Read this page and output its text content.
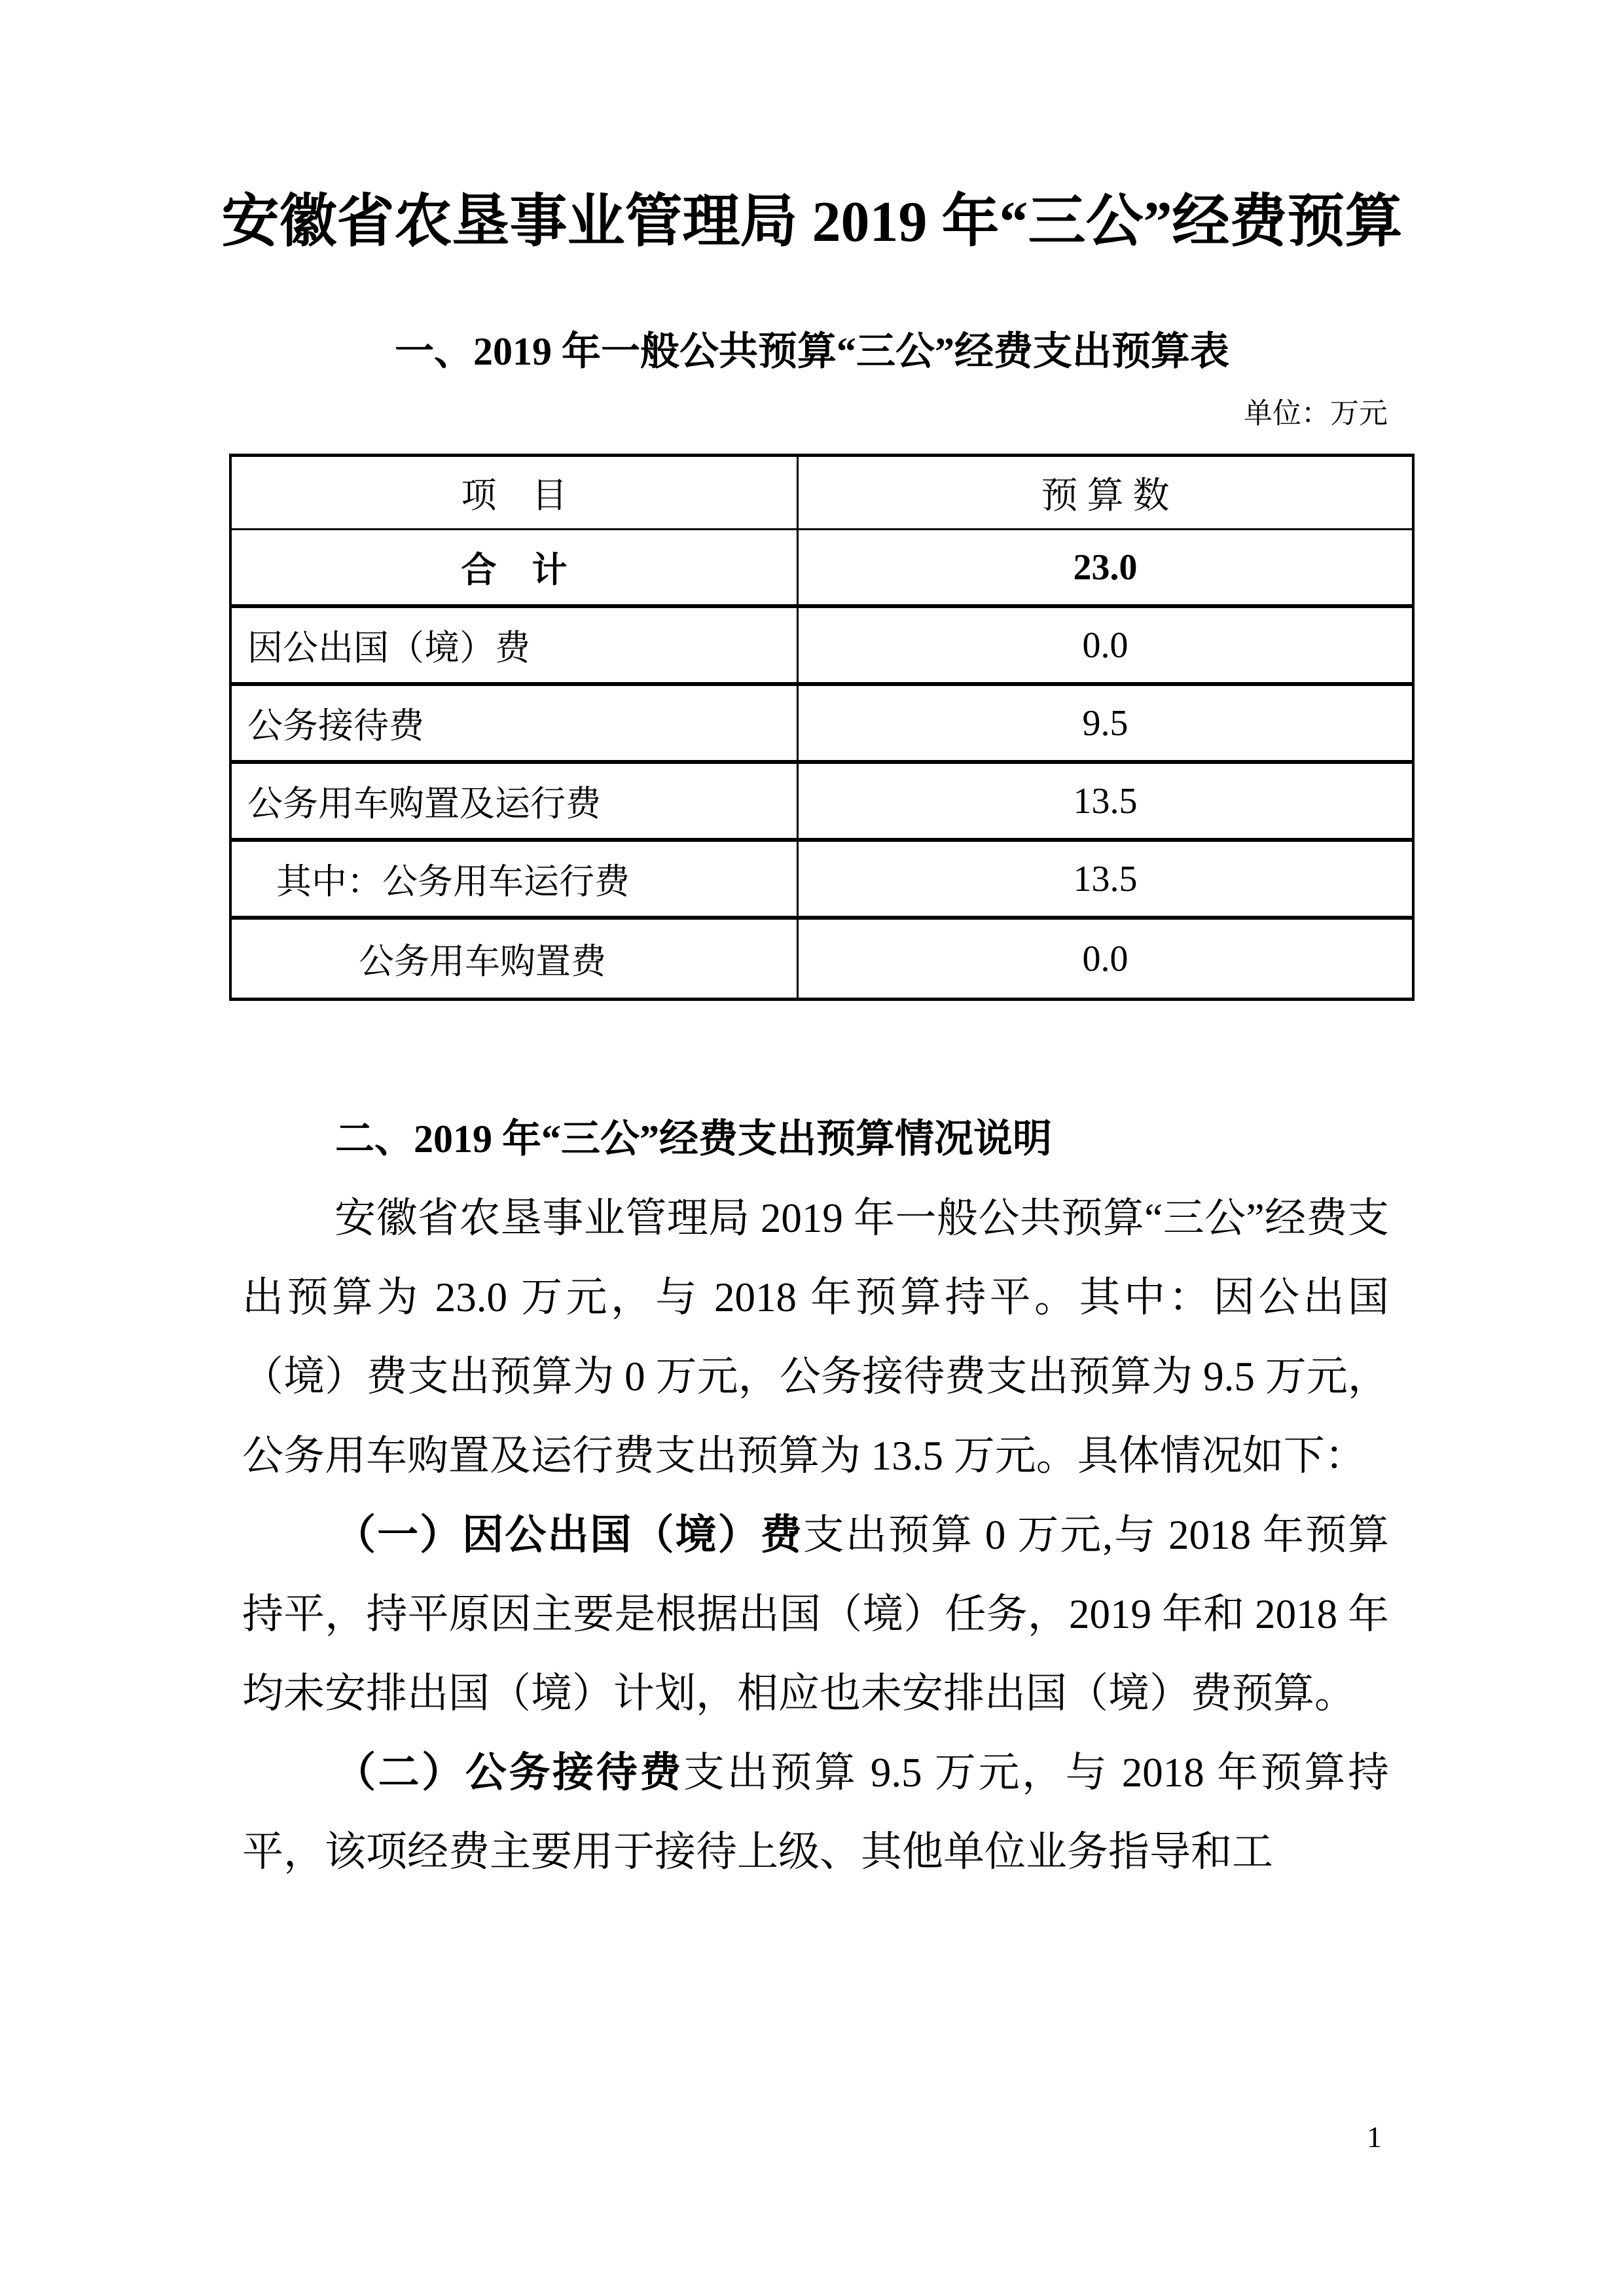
安徽省农垦事业管理局 2019 年“三公”经费预算
一、2019 年一般公共预算“三公”经费支出预算表
单位：万元
项　目	预 算 数
合　计	23.0
因公出国（境）费	0.0
公务接待费	9.5
公务用车购置及运行费	13.5
其中：公务用车运行费	13.5
公务用车购置费	0.0
二、2019 年“三公”经费支出预算情况说明

安徽省农垦事业管理局 2019 年一般公共预算“三公”经费支出预算为 23.0 万元，与 2018 年预算持平。其中：因公出国（境）费支出预算为 0 万元，公务接待费支出预算为 9.5 万元，公务用车购置及运行费支出预算为 13.5 万元。具体情况如下：

（一）因公出国（境）费支出预算 0 万元,与 2018 年预算持平，持平原因主要是根据出国（境）任务，2019 年和 2018 年均未安排出国（境）计划，相应也未安排出国（境）费预算。

（二）公务接待费支出预算 9.5 万元，与 2018 年预算持平，该项经费主要用于接待上级、其他单位业务指导和工

1
